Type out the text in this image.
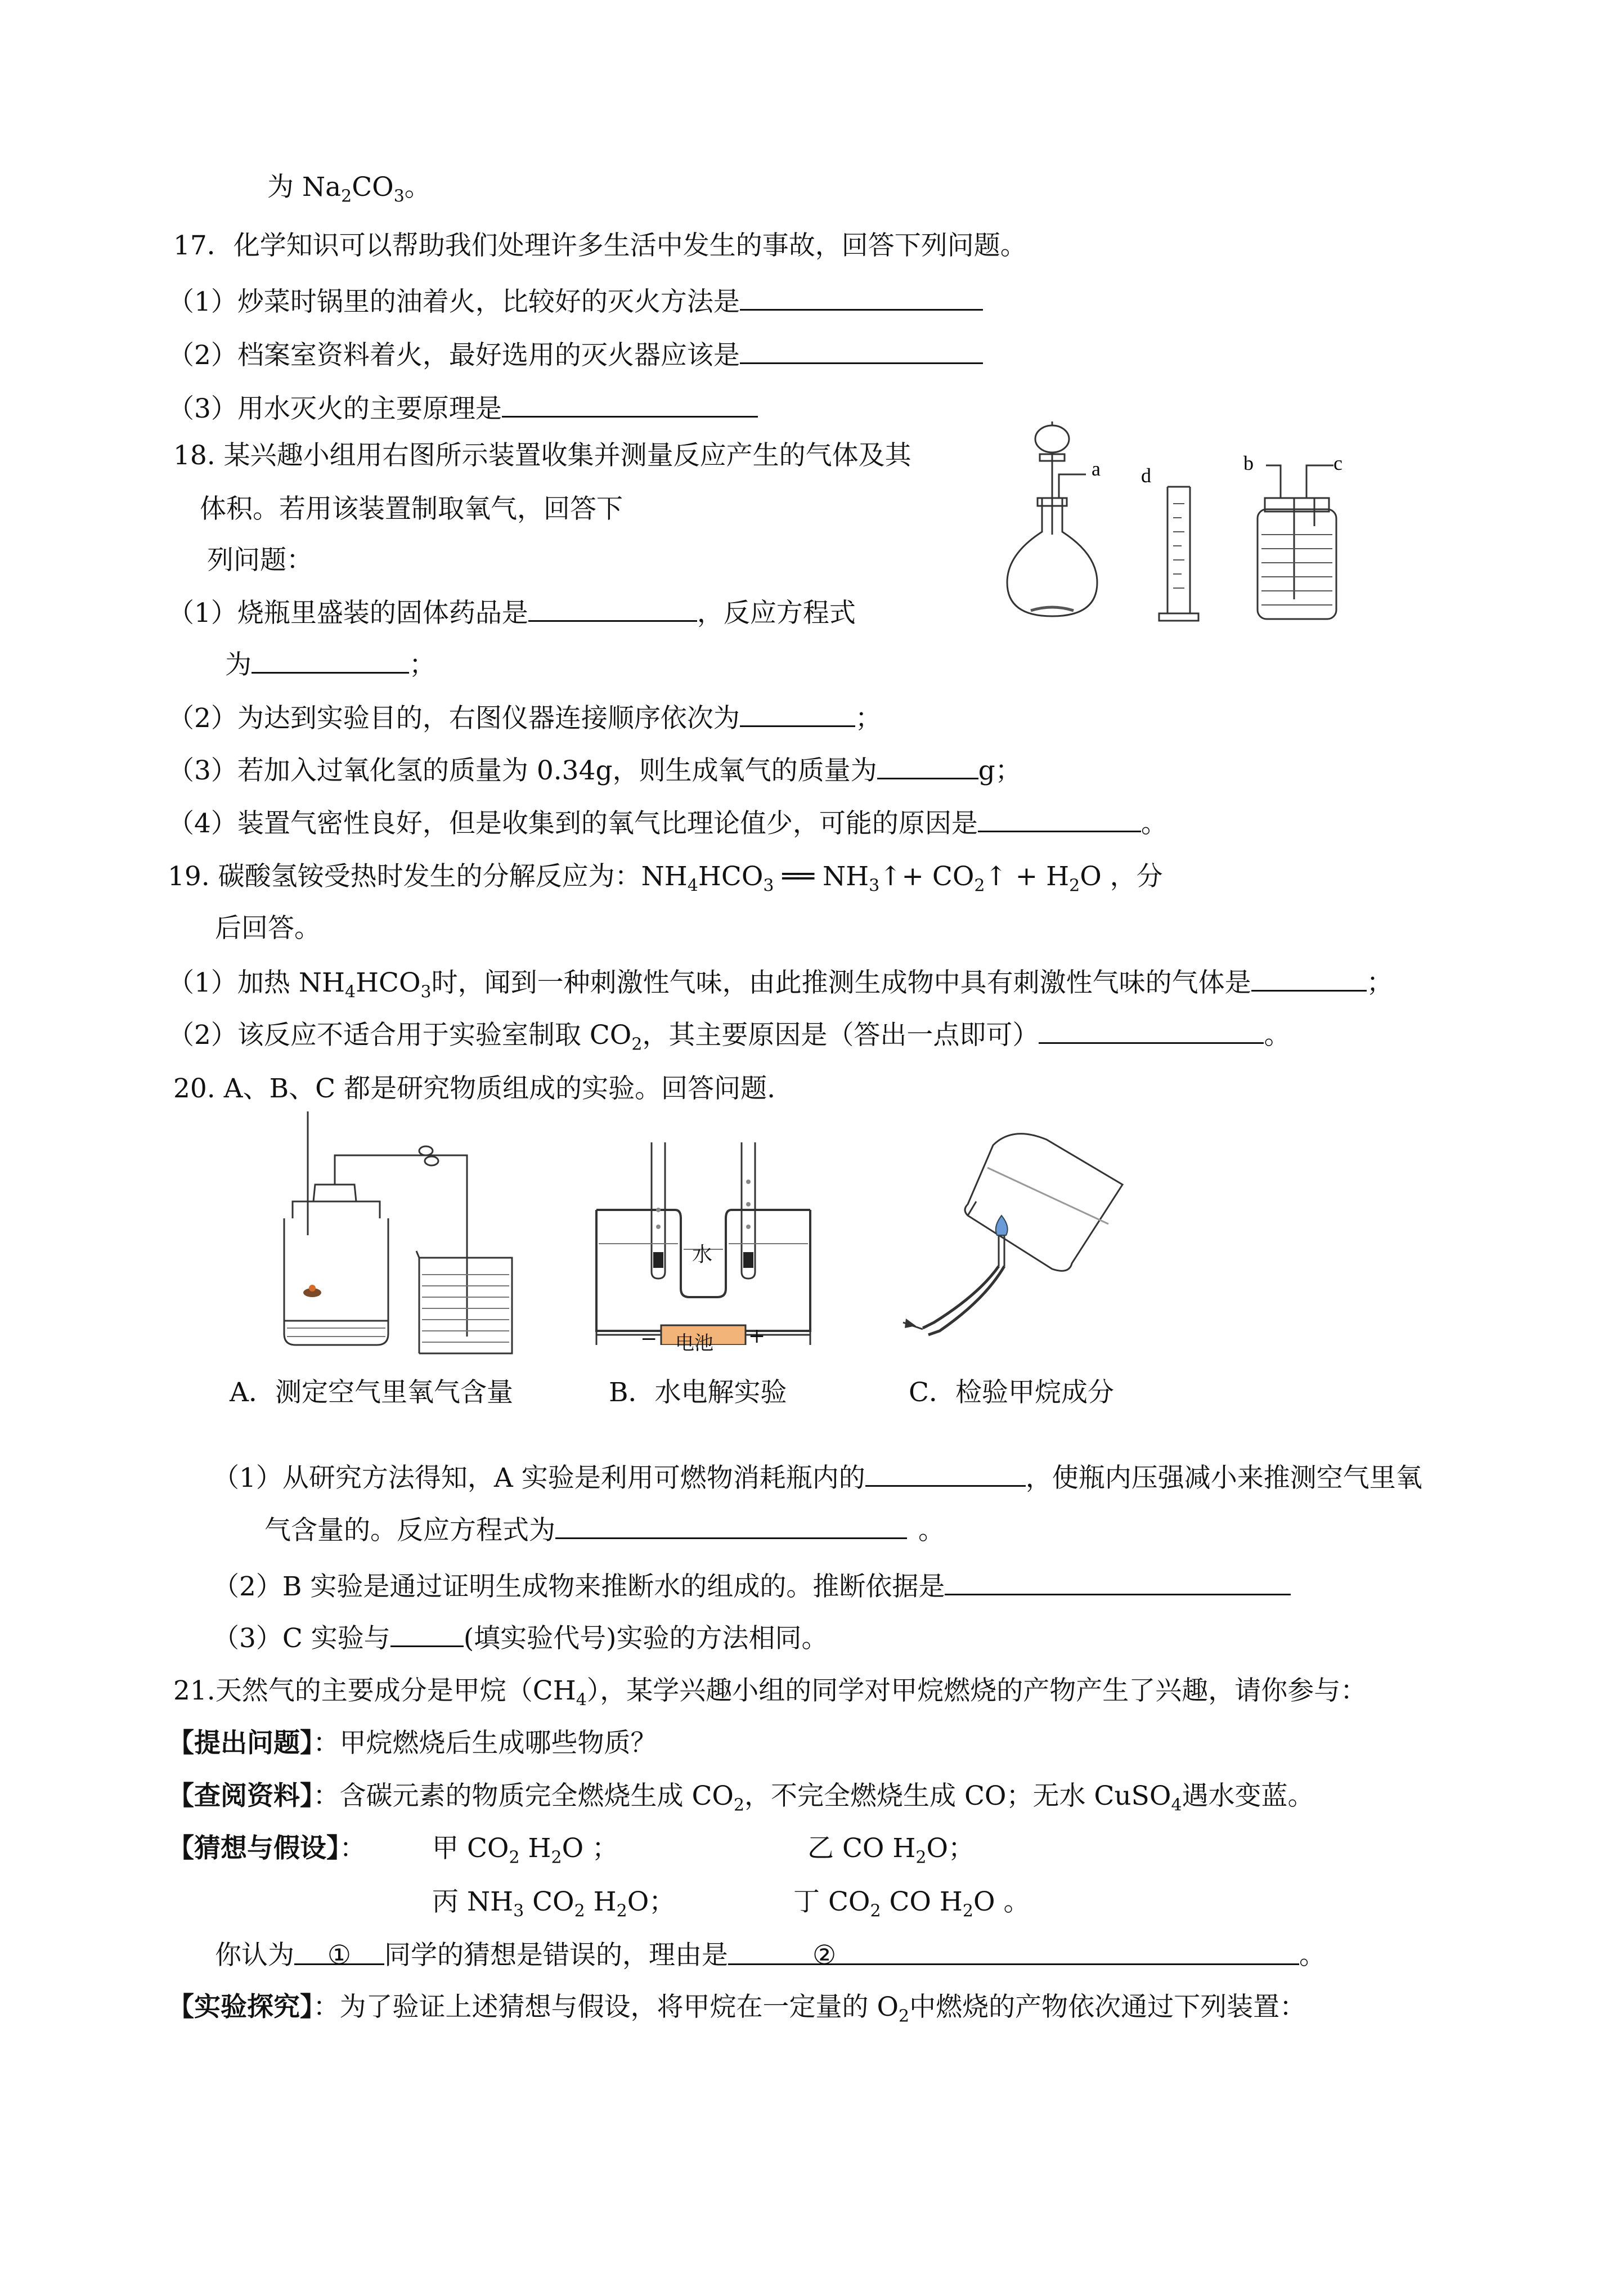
为 $Na_2CO_3$。
17．化学知识可以帮助我们处理许多生活中发生的事故，回答下列问题。
（1）炒菜时锅里的油着火，比较好的灭火方法是
（2）档案室资料着火，最好选用的灭火器应该是
（3）用水灭火的主要原理是
18. 某兴趣小组用右图所示装置收集并测量反应产生的气体及其
体积。若用该装置制取氧气，回答下
列问题：
（1）烧瓶里盛装的固体药品是	，反应方程式
为	；
（2）为达到实验目的，右图仪器连接顺序依次为	；
（3）若加入过氧化氢的质量为 0.34g，则生成氧气的质量为	g；
（4）装置气密性良好，但是收集到的氧气比理论值少，可能的原因是	。
a d
b	c
19. 碳酸氢铵受热时发生的分解反应为：$NH_4HCO_3$ ══ $NH_3↑+$ $CO_2↑ + H_2O$ ，分
后回答。
（1）加热 $NH_4HCO_3$时，闻到一种刺激性气味，由此推测生成物中具有刺激性气味的气体是	；
（2）该反应不适合用于实验室制取 $CO_2$，其主要原因是（答出一点即可）	。
20. A、B、C 都是研究物质组成的实验。回答问题.
A．测定空气里氧气含量
水
电池
−	+
B．水电解实验	C．检验甲烷成分
（1）从研究方法得知，A 实验是利用可燃物消耗瓶内的	，使瓶内压强减小来推测空气里氧
气含量的。反应方程式为	。
（2）B 实验是通过证明生成物来推断水的组成的。推断依据是
（3）C 实验与	(填实验代号)实验的方法相同。
21.天然气的主要成分是甲烷$(CH_4)$，某学兴趣小组的同学对甲烷燃烧的产物产生了兴趣，请你参与：
【提出问题】：甲烷燃烧后生成哪些物质？
【查阅资料】：含碳元素的物质完全燃烧生成 $CO_2$，不完全燃烧生成 CO；无水 CuSO$_4$遇水变蓝。
【猜想与假设】：	甲 $CO_2$ $H_2O$ ；	乙 CO $H_2O$；
丙 $NH_3$ $CO_2$ $H_2O$；	丁 $CO_2$ CO $H_2O$ 。
你认为 ① 同学的猜想是错误的，理由是	②	。
【实验探究】：为了验证上述猜想与假设，将甲烷在一定量的 $O_2$中燃烧的产物依次通过下列装置：
